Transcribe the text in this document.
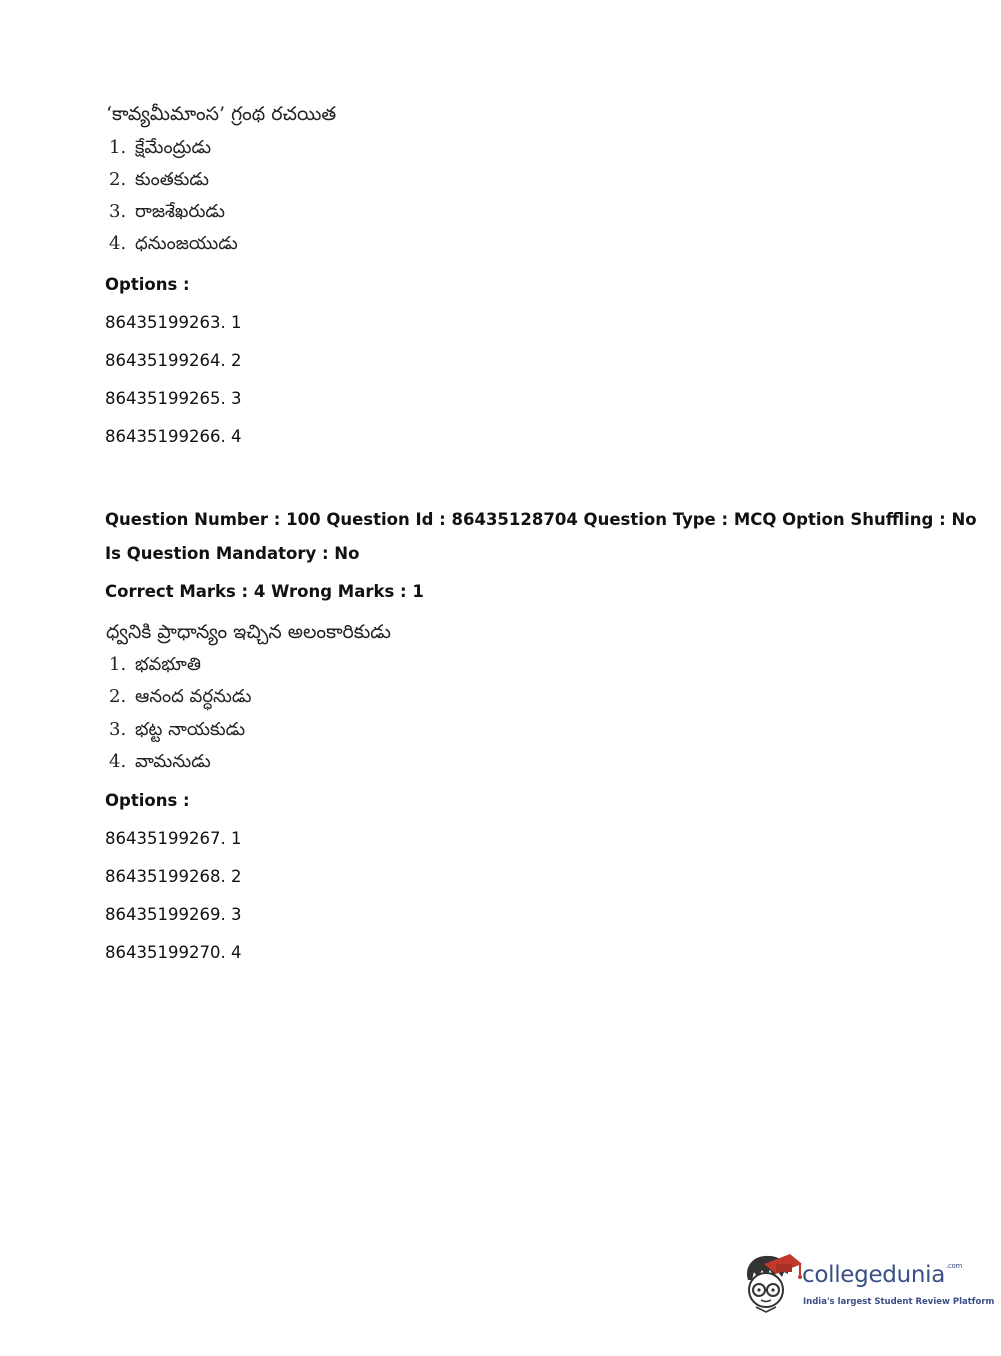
‘కావ్యమీమాంస’ గ్రంథ రచయిత
1. క్షేమేంద్రుడు
2. కుంతకుడు
3. రాజశేఖరుడు
4. ధనుంజయుడు
Options :
86435199263. 1
86435199264. 2
86435199265. 3
86435199266. 4
Question Number : 100 Question Id : 86435128704 Question Type : MCQ Option Shuffling : No
Is Question Mandatory : No
Correct Marks : 4 Wrong Marks : 1
ధ్వనికి ప్రాధాన్యం ఇచ్చిన అలంకారికుడు
1. భవభూతి
2. ఆనంద వర్ధనుడు
3. భట్ట నాయకుడు
4. వామనుడు
Options :
86435199267. 1
86435199268. 2
86435199269. 3
86435199270. 4
collegedunia$^{.com}$
India's largest Student Review Platform
